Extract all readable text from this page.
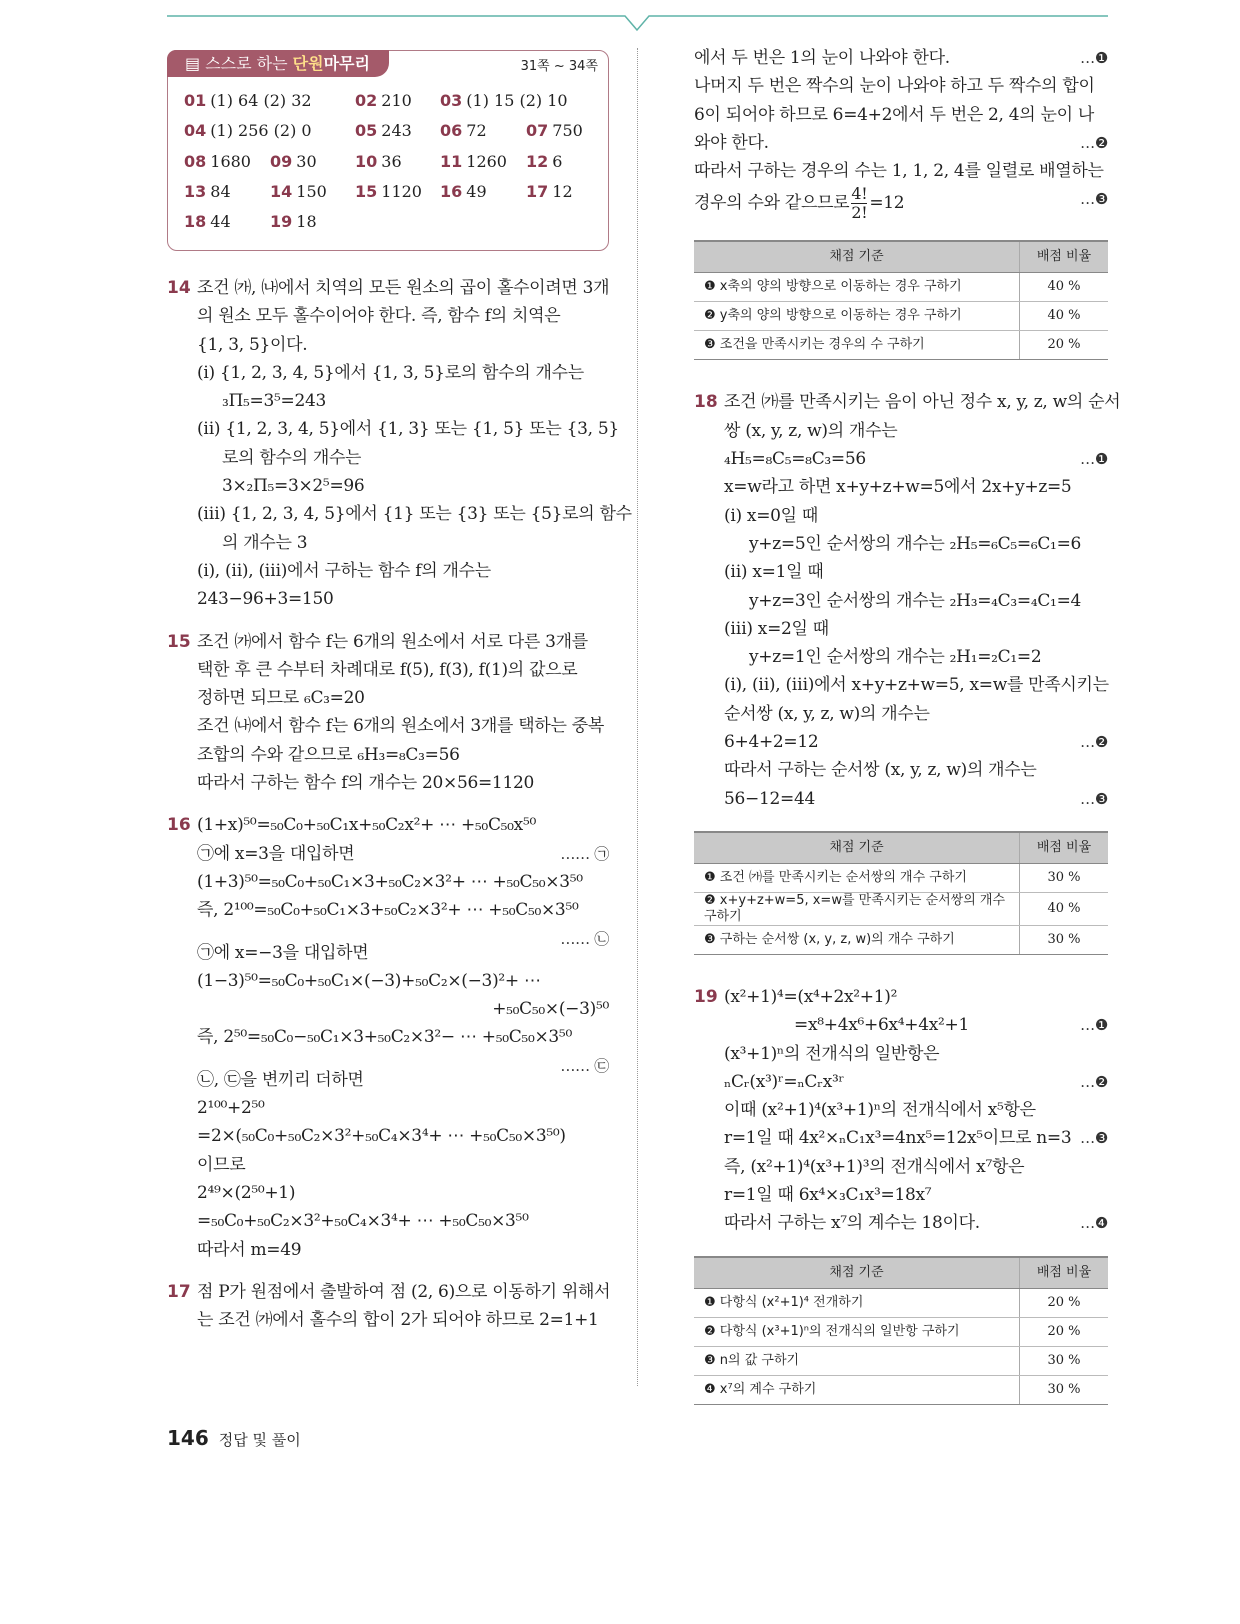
▤ 스스로 하는 단원마무리	31쪽 ~ 34쪽
01 (1) 64 (2) 32	02 210 03 (1) 15 (2) 10
04 (1) 256 (2) 0	05 243 06 72 07 750
08 1680 09 30 10 36 11 1260 12 6
13 84 14 150 15 1120 16 49 17 12
18 44 19 18
14 조건 ㈎, ㈏에서 치역의 모든 원소의 곱이 홀수이려면 3개
의 원소 모두 홀수이어야 한다. 즉, 함수 f의 치역은
{1, 3, 5}이다.
(ⅰ) {1, 2, 3, 4, 5}에서 {1, 3, 5}로의 함수의 개수는
₃Π₅=3⁵=243
(ⅱ) {1, 2, 3, 4, 5}에서 {1, 3} 또는 {1, 5} 또는 {3, 5}
로의 함수의 개수는
3×₂Π₅=3×2⁵=96
(ⅲ) {1, 2, 3, 4, 5}에서 {1} 또는 {3} 또는 {5}로의 함수
의 개수는 3
(ⅰ), (ⅱ), (ⅲ)에서 구하는 함수 f의 개수는
243−96+3=150
15 조건 ㈎에서 함수 f는 6개의 원소에서 서로 다른 3개를
택한 후 큰 수부터 차례대로 f(5), f(3), f(1)의 값으로
정하면 되므로 ₆C₃=20
조건 ㈏에서 함수 f는 6개의 원소에서 3개를 택하는 중복
조합의 수와 같으므로 ₆H₃=₈C₃=56
따라서 구하는 함수 f의 개수는 20×56=1120
16 (1+x)⁵⁰=₅₀C₀+₅₀C₁x+₅₀C₂x²+ ⋯ +₅₀C₅₀x⁵⁰
…… ㉠
㉠에 x=3을 대입하면
(1+3)⁵⁰=₅₀C₀+₅₀C₁×3+₅₀C₂×3²+ ⋯ +₅₀C₅₀×3⁵⁰
즉, 2¹⁰⁰=₅₀C₀+₅₀C₁×3+₅₀C₂×3²+ ⋯ +₅₀C₅₀×3⁵⁰
…… ㉡
㉠에 x=−3을 대입하면
(1−3)⁵⁰=₅₀C₀+₅₀C₁×(−3)+₅₀C₂×(−3)²+ ⋯
+₅₀C₅₀×(−3)⁵⁰
즉, 2⁵⁰=₅₀C₀−₅₀C₁×3+₅₀C₂×3²− ⋯ +₅₀C₅₀×3⁵⁰
…… ㉢
㉡, ㉢을 변끼리 더하면
2¹⁰⁰+2⁵⁰
=2×(₅₀C₀+₅₀C₂×3²+₅₀C₄×3⁴+ ⋯ +₅₀C₅₀×3⁵⁰)
이므로
2⁴⁹×(2⁵⁰+1)
=₅₀C₀+₅₀C₂×3²+₅₀C₄×3⁴+ ⋯ +₅₀C₅₀×3⁵⁰
따라서 m=49
17 점 P가 원점에서 출발하여 점 (2, 6)으로 이동하기 위해서
는 조건 ㈎에서 홀수의 합이 2가 되어야 하므로 2=1+1
에서 두 번은 1의 눈이 나와야 한다.	…❶
나머지 두 번은 짝수의 눈이 나와야 하고 두 짝수의 합이
6이 되어야 하므로 6=4+2에서 두 번은 2, 4의 눈이 나
와야 한다.	…❷
따라서 구하는 경우의 수는 1, 1, 2, 4를 일렬로 배열하는
경우의 수와 같으므로 $\frac{4!}{2!} =12$	…❸
채점 기준	배점 비율
❶ x축의 양의 방향으로 이동하는 경우 구하기	40 %
❷ y축의 양의 방향으로 이동하는 경우 구하기	40 %
❸ 조건을 만족시키는 경우의 수 구하기	20 %
18 조건 ㈎를 만족시키는 음이 아닌 정수 x, y, z, w의 순서
쌍 (x, y, z, w)의 개수는
₄H₅=₈C₅=₈C₃=56	…❶
x=w라고 하면 x+y+z+w=5에서 2x+y+z=5
(ⅰ) x=0일 때
y+z=5인 순서쌍의 개수는 ₂H₅=₆C₅=₆C₁=6
(ⅱ) x=1일 때
y+z=3인 순서쌍의 개수는 ₂H₃=₄C₃=₄C₁=4
(ⅲ) x=2일 때
y+z=1인 순서쌍의 개수는 ₂H₁=₂C₁=2
(ⅰ), (ⅱ), (ⅲ)에서 x+y+z+w=5, x=w를 만족시키는
순서쌍 (x, y, z, w)의 개수는
6+4+2=12	…❷
따라서 구하는 순서쌍 (x, y, z, w)의 개수는
56−12=44	…❸
채점 기준	배점 비율
❶ 조건 ㈎를 만족시키는 순서쌍의 개수 구하기	30 %
❷ x+y+z+w=5, x=w를 만족시키는 순서쌍의 개수 구하기	40 %
❸ 구하는 순서쌍 (x, y, z, w)의 개수 구하기	30 %
19 (x²+1)⁴=(x⁴+2x²+1)²
=x⁸+4x⁶+6x⁴+4x²+1	…❶
(x³+1)ⁿ의 전개식의 일반항은
ₙCᵣ(x³)ʳ=ₙCᵣx³ʳ	…❷
이때 (x²+1)⁴(x³+1)ⁿ의 전개식에서 x⁵항은
r=1일 때 4x²×ₙC₁x³=4nx⁵=12x⁵이므로 n=3 …❸
즉, (x²+1)⁴(x³+1)³의 전개식에서 x⁷항은
r=1일 때 6x⁴×₃C₁x³=18x⁷
따라서 구하는 x⁷의 계수는 18이다.	…❹
채점 기준	배점 비율
❶ 다항식 (x²+1)⁴ 전개하기	20 %
❷ 다항식 (x³+1)ⁿ의 전개식의 일반항 구하기	20 %
❸ n의 값 구하기	30 %
❹ x⁷의 계수 구하기	30 %
146 정답 및 풀이
